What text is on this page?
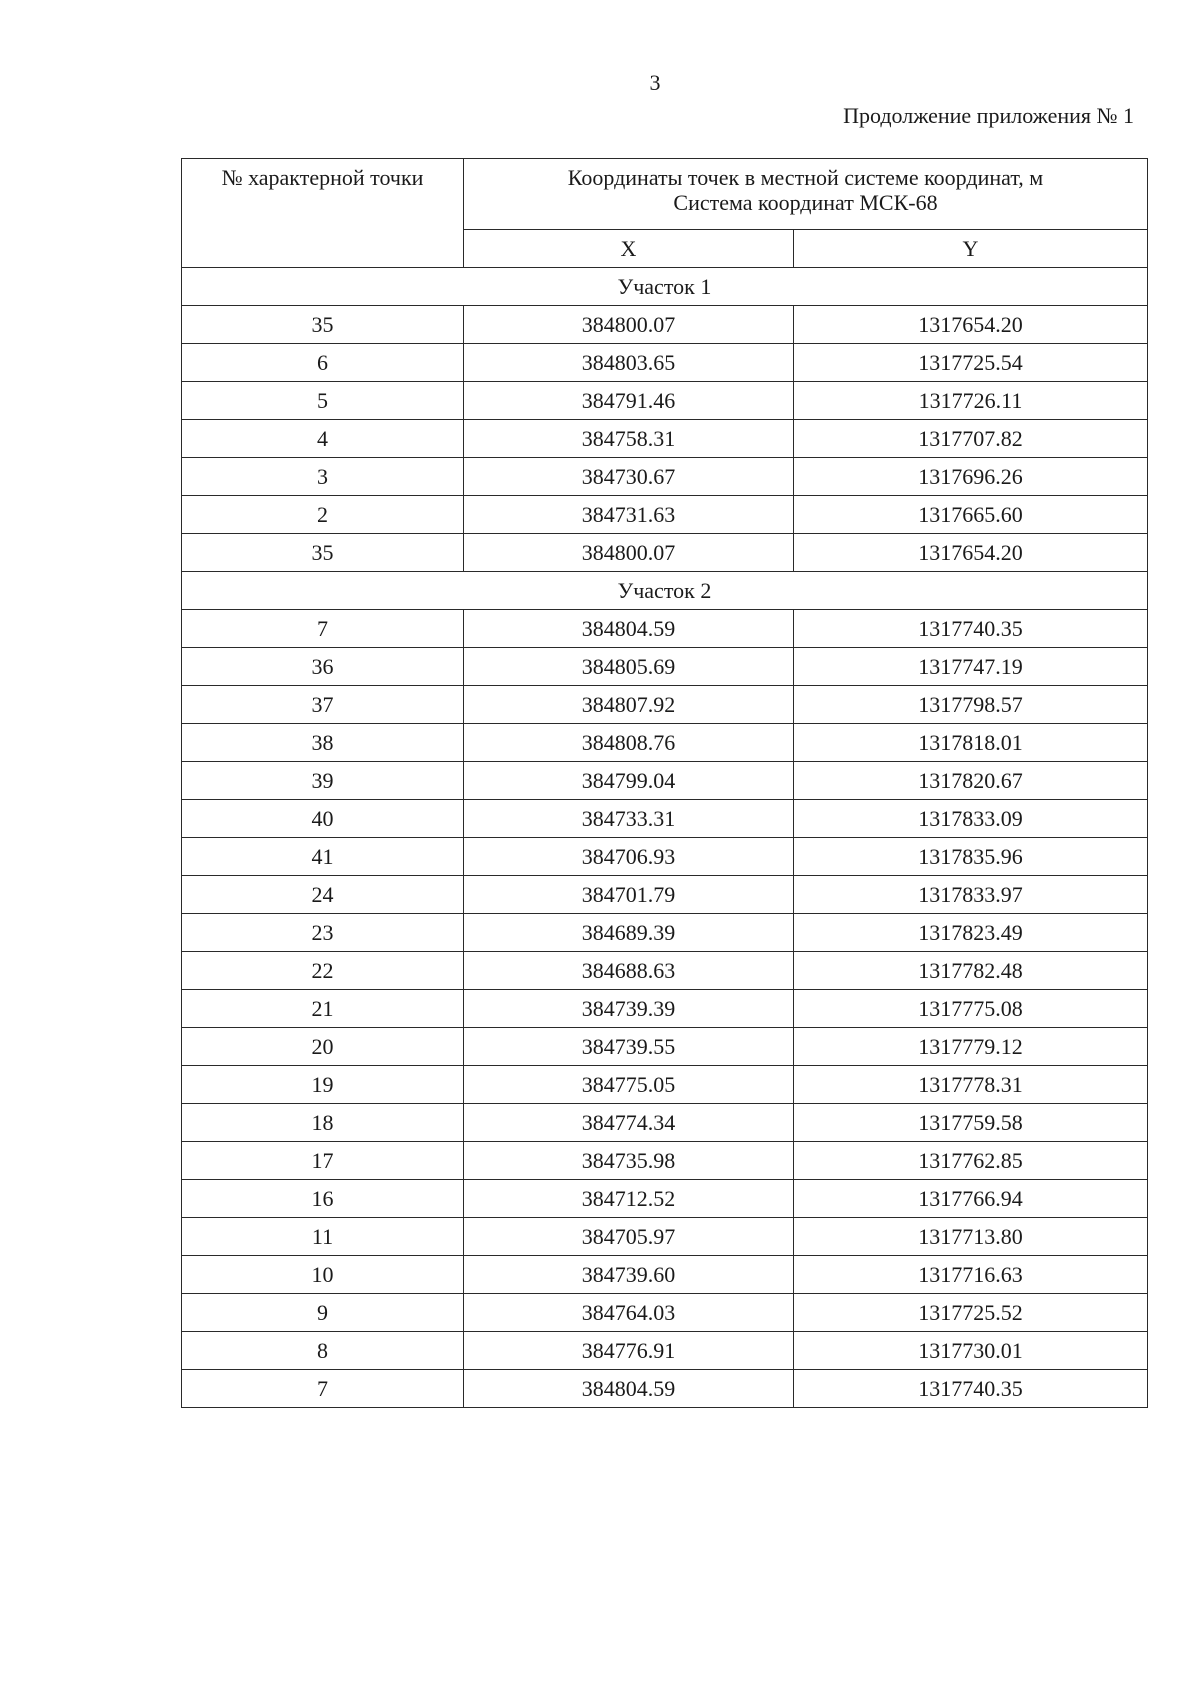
3
Продолжение приложения № 1
№ характерной точки	Координаты точек в местной системе координат, м
Система координат МСК-68	

	X	Y
Участок 1		
35	384800.07	1317654.20
6	384803.65	1317725.54
5	384791.46	1317726.11
4	384758.31	1317707.82
3	384730.67	1317696.26
2	384731.63	1317665.60
35	384800.07	1317654.20
Участок 2		
7	384804.59	1317740.35
36	384805.69	1317747.19
37	384807.92	1317798.57
38	384808.76	1317818.01
39	384799.04	1317820.67
40	384733.31	1317833.09
41	384706.93	1317835.96
24	384701.79	1317833.97
23	384689.39	1317823.49
22	384688.63	1317782.48
21	384739.39	1317775.08
20	384739.55	1317779.12
19	384775.05	1317778.31
18	384774.34	1317759.58
17	384735.98	1317762.85
16	384712.52	1317766.94
11	384705.97	1317713.80
10	384739.60	1317716.63
9	384764.03	1317725.52
8	384776.91	1317730.01
7	384804.59	1317740.35
